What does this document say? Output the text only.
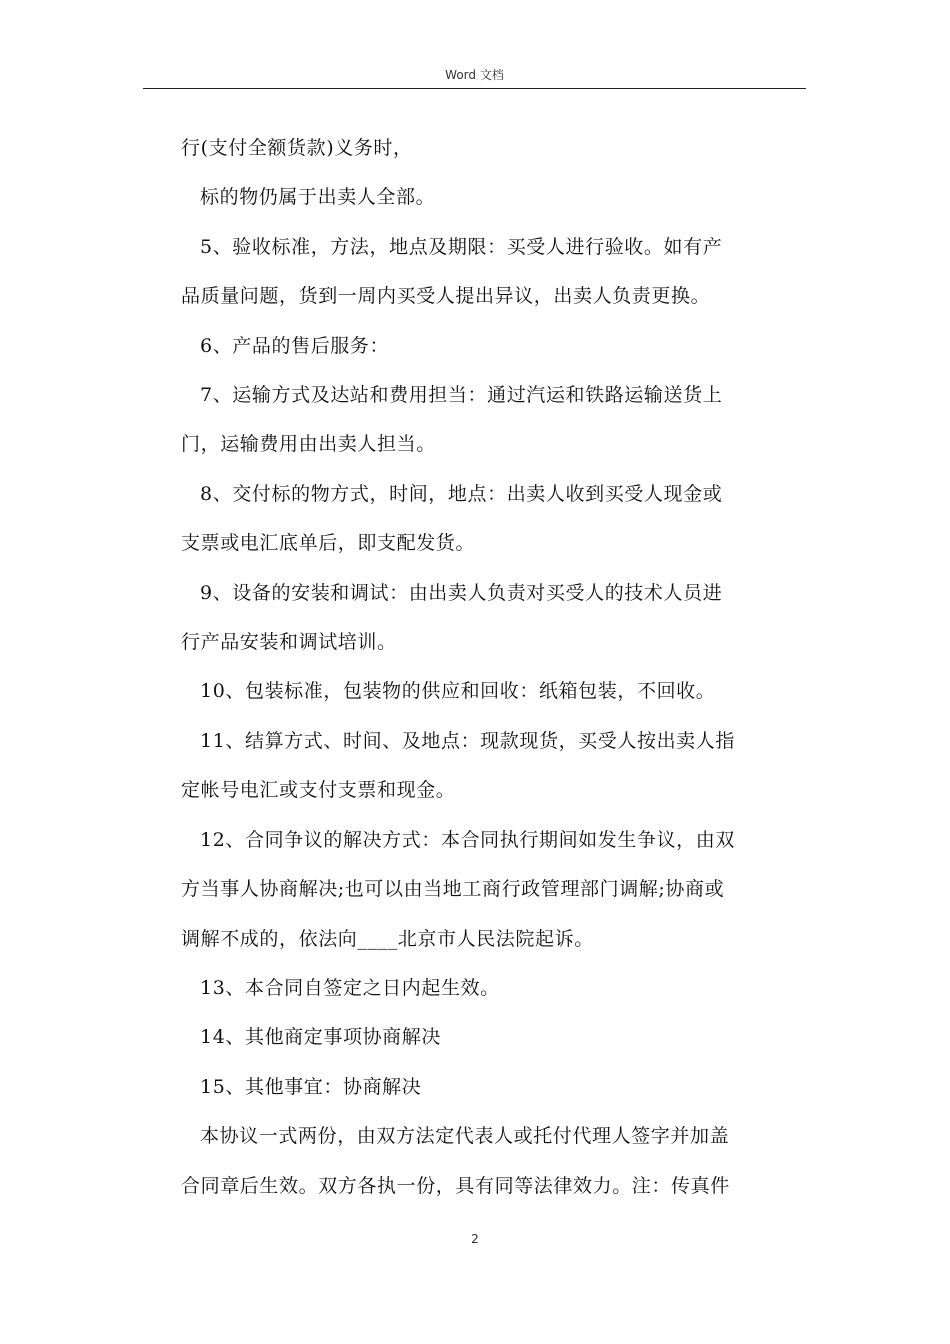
Word 文档

行(支付全额货款)义务时，

标的物仍属于出卖人全部。

5、验收标准，方法，地点及期限：买受人进行验收。如有产

品质量问题，货到一周内买受人提出异议，出卖人负责更换。

6、产品的售后服务：

7、运输方式及达站和费用担当：通过汽运和铁路运输送货上

门，运输费用由出卖人担当。

8、交付标的物方式，时间，地点：出卖人收到买受人现金或

支票或电汇底单后，即支配发货。

9、设备的安装和调试：由出卖人负责对买受人的技术人员进

行产品安装和调试培训。

10、包装标准，包装物的供应和回收：纸箱包装，不回收。

11、结算方式、时间、及地点：现款现货，买受人按出卖人指

定帐号电汇或支付支票和现金。

12、合同争议的解决方式：本合同执行期间如发生争议，由双

方当事人协商解决;也可以由当地工商行政管理部门调解;协商或

调解不成的，依法向____北京市人民法院起诉。

13、本合同自签定之日内起生效。

14、其他商定事项协商解决

15、其他事宜：协商解决

本协议一式两份，由双方法定代表人或托付代理人签字并加盖

合同章后生效。双方各执一份，具有同等法律效力。注：传真件

2
